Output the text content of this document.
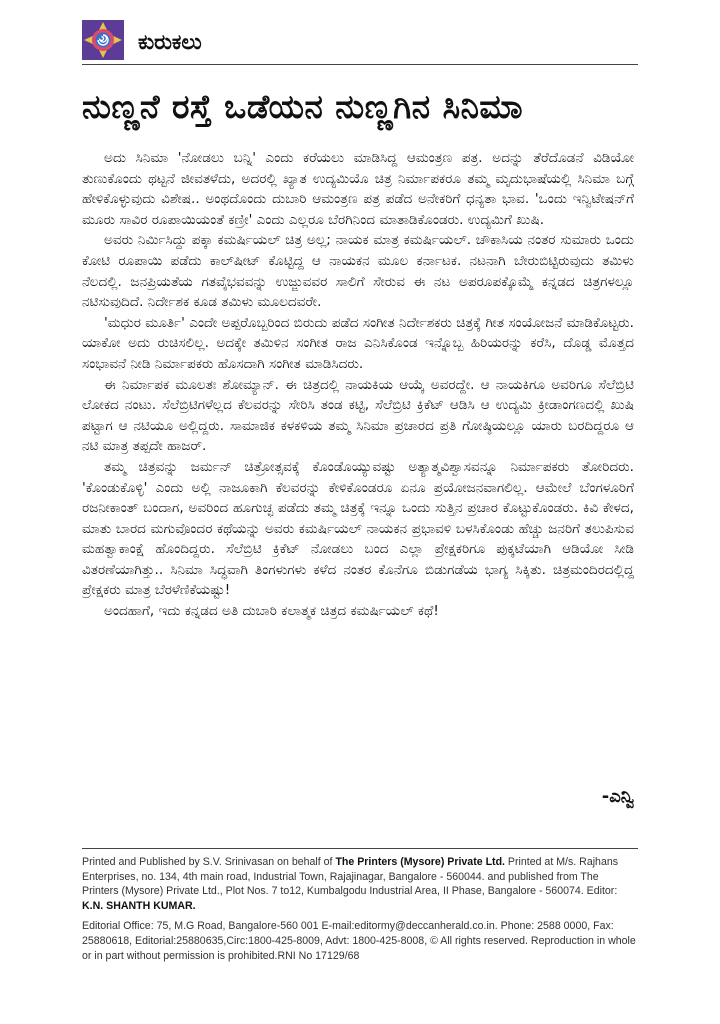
ಕುರುಕಲು
ನುಣ್ಣನೆ ರಸ್ತೆ ಒಡೆಯನ ನುಣ್ಣಗಿನ ಸಿನಿಮಾ

ಅದು ಸಿನಿಮಾ 'ನೋಡಲು ಬನ್ನಿ' ಎಂದು ಕರೆಯಲು ಮಾಡಿಸಿದ್ದ ಆಮಂತ್ರಣ ಪತ್ರ. ಅದನ್ನು ತೆರೆದೊಡನೆ ವಿಡಿಯೋ ತುಣುಕೊಂದು ಥಟ್ಟನೆ ಜೀವತಳೆದು, ಅದರಲ್ಲಿ ಖ್ಯಾತ ಉದ್ಯಮಿಯೊ ಚಿತ್ರ ನಿರ್ಮಾಪಕರೂ ತಮ್ಮ ಮೃದುಭಾಷೆಯಲ್ಲಿ ಸಿನಿಮಾ ಬಗ್ಗೆ ಹೇಳಿಕೊಳ್ಳುವುದು ವಿಶೇಷ.. ಅಂಥದೊಂದು ದುಬಾರಿ ಆಮಂತ್ರಣ ಪತ್ರ ಪಡೆದ ಅನೇಕರಿಗೆ ಧನ್ಯತಾ ಭಾವ. 'ಒಂದು ಇನ್ವಿಟೇಷನ್‌ಗೆ ಮೂರು ಸಾವಿರ ರೂಪಾಯಿಯಂತೆ ಕಣ್ರೀ' ಎಂದು ಎಲ್ಲರೂ ಬೆರಗಿನಿಂದ ಮಾತಾಡಿಕೊಂಡರು. ಉದ್ಯಮಿಗೆ ಖುಷಿ.

ಅವರು ನಿರ್ಮಿಸಿದ್ದು ಪಕ್ಕಾ ಕಮರ್ಷಿಯಲ್ ಚಿತ್ರ ಅಲ್ಲ; ನಾಯಕ ಮಾತ್ರ ಕಮರ್ಷಿಯಲ್. ಚೌಕಾಸಿಯ ನಂತರ ಸುಮಾರು ಒಂದು ಕೋಟಿ ರೂಪಾಯಿ ಪಡೆದು ಕಾಲ್‌ಷೀಟ್ ಕೊಟ್ಟಿದ್ದ ಆ ನಾಯಕನ ಮೂಲ ಕರ್ನಾಟಕ. ನಟನಾಗಿ ಬೇರುಬಿಟ್ಟಿರುವುದು ತಮಿಳು ನೆಲದಲ್ಲಿ. ಜನಪ್ರಿಯತೆಯ ಗತವೈಭವವನ್ನು ಉಜ್ಜುವವರ ಸಾಲಿಗೆ ಸೇರುವ ಈ ನಟ ಅಪರೂಪಕ್ಕೊಮ್ಮೆ ಕನ್ನಡದ ಚಿತ್ರಗಳಲ್ಲೂ ನಟಿಸುವುದಿದೆ. ನಿರ್ದೇಶಕ ಕೂಡ ತಮಿಳು ಮೂಲದವರೇ.

'ಮಧುರ ಮೂರ್ತಿ' ಎಂದೇ ಅಪ್ಪರೊಬ್ಬರಿಂದ ಬಿರುದು ಪಡೆದ ಸಂಗೀತ ನಿರ್ದೇಶಕರು ಚಿತ್ರಕ್ಕೆ ಗೀತ ಸಂಯೋಜನೆ ಮಾಡಿಕೊಟ್ಟರು. ಯಾಕೋ ಅದು ರುಚಿಸಲಿಲ್ಲ. ಅದಕ್ಕೇ ತಮಿಳಿನ ಸಂಗೀತ ರಾಜ ಎನಿಸಿಕೊಂಡ ಇನ್ನೊಬ್ಬ ಹಿರಿಯರನ್ನು ಕರೆಸಿ, ದೊಡ್ಡ ಮೊತ್ತದ ಸಂಭಾವನೆ ನೀಡಿ ನಿರ್ಮಾಪಕರು ಹೊಸದಾಗಿ ಸಂಗೀತ ಮಾಡಿಸಿದರು.

ಈ ನಿರ್ಮಾಪಕ ಮೂಲತಃ ಶೋಮ್ಯಾನ್. ಈ ಚಿತ್ರದಲ್ಲಿ ನಾಯಕಿಯ ಆಯ್ಕೆ ಅವರದ್ದೇ. ಆ ನಾಯಕಿಗೂ ಅವರಿಗೂ ಸೆಲೆಬ್ರಿಟಿ ಲೋಕದ ನಂಟು. ಸೆಲೆಬ್ರಿಟಿಗಳೆಲ್ಲದ ಕೆಲವರನ್ನು ಸೇರಿಸಿ ತಂಡ ಕಟ್ಟಿ, ಸೆಲೆಬ್ರಿಟಿ ಕ್ರಿಕೆಟ್ ಆಡಿಸಿ ಆ ಉದ್ಯಮಿ ಕ್ರೀಡಾಂಗಣದಲ್ಲಿ ಖುಷಿ ಪಟ್ಟಾಗ ಆ ನಟಿಯೂ ಅಲ್ಲಿದ್ದರು. ಸಾಮಾಜಿಕ ಕಳಕಳಿಯ ತಮ್ಮ ಸಿನಿಮಾ ಪ್ರಚಾರದ ಪ್ರತಿ ಗೋಷ್ಠಿಯಲ್ಲೂ ಯಾರು ಬರದಿದ್ದರೂ ಆ ನಟಿ ಮಾತ್ರ ತಪ್ಪದೇ ಹಾಜರ್.

ತಮ್ಮ ಚಿತ್ರವನ್ನು ಜರ್ಮನ್ ಚಿತ್ರೋತ್ಸವಕ್ಕೆ ಕೊಂಡೊಯ್ಯುವಷ್ಟು ಅತ್ಯಾತ್ಮವಿಶ್ವಾಸವನ್ನೂ ನಿರ್ಮಾಪಕರು ತೋರಿದರು. 'ಕೊಂಡುಕೊಳ್ಳಿ' ಎಂದು ಅಲ್ಲಿ ನಾಜೂಕಾಗಿ ಕೆಲವರನ್ನು ಕೇಳಿಕೊಂಡರೂ ಏನೂ ಪ್ರಯೋಜನವಾಗಲಿಲ್ಲ. ಆಮೇಲೆ ಬೆಂಗಳೂರಿಗೆ ರಜನೀಕಾಂತ್ ಬಂದಾಗ, ಅವರಿಂದ ಹೂಗುಚ್ಛ ಪಡೆದು ತಮ್ಮ ಚಿತ್ರಕ್ಕೆ ಇನ್ನೂ ಒಂದು ಸುತ್ತಿನ ಪ್ರಚಾರ ಕೊಟ್ಟುಕೊಂಡರು. ಕಿವಿ ಕೇಳದ, ಮಾತು ಬಾರದ ಮಗುವೊಂದರ ಕಥೆಯನ್ನು ಅವರು ಕಮರ್ಷಿಯಲ್ ನಾಯಕನ ಪ್ರಭಾವಳಿ ಬಳಸಿಕೊಂಡು ಹೆಚ್ಚು ಜನರಿಗೆ ತಲುಪಿಸುವ ಮಹತ್ವಾಕಾಂಕ್ಷೆ ಹೊಂದಿದ್ದರು. ಸೆಲೆಬ್ರಿಟಿ ಕ್ರಿಕೆಟ್ ನೋಡಲು ಬಂದ ಎಲ್ಲಾ ಪ್ರೇಕ್ಷಕರಿಗೂ ಪುಕ್ಕಟೆಯಾಗಿ ಆಡಿಯೋ ಸೀಡಿ ವಿತರಣೆಯಾಗಿತ್ತು.. ಸಿನಿಮಾ ಸಿದ್ಧವಾಗಿ ತಿಂಗಳುಗಳು ಕಳೆದ ನಂತರ ಕೊನೆಗೂ ಬಿಡುಗಡೆಯ ಭಾಗ್ಯ ಸಿಕ್ಕಿತು. ಚಿತ್ರಮಂದಿರದಲ್ಲಿದ್ದ ಪ್ರೇಕ್ಷಕರು ಮಾತ್ರ ಬೆರಳೆಣಿಕೆಯಷ್ಟು!

ಅಂದಹಾಗೆ, ಇದು ಕನ್ನಡದ ಅತಿ ದುಬಾರಿ ಕಲಾತ್ಮಕ ಚಿತ್ರದ ಕಮರ್ಷಿಯಲ್ ಕಥೆ!

-ಎನ್ವಿ

Printed and Published by S.V. Srinivasan on behalf of The Printers (Mysore) Private Ltd. Printed at M/s. Rajhans Enterprises, no. 134, 4th main road, Industrial Town, Rajajinagar, Bangalore - 560044. and published from The Printers (Mysore) Private Ltd., Plot Nos. 7 to12, Kumbalgodu Industrial Area, II Phase, Bangalore - 560074. Editor: K.N. SHANTH KUMAR.

Editorial Office: 75, M.G Road, Bangalore-560 001 E-mail:editormy@deccanherald.co.in. Phone: 2588 0000, Fax: 25880618, Editorial:25880635,Circ:1800-425-8009, Advt: 1800-425-8008, © All rights reserved. Reproduction in whole or in part without permission is prohibited.RNI No 17129/68
